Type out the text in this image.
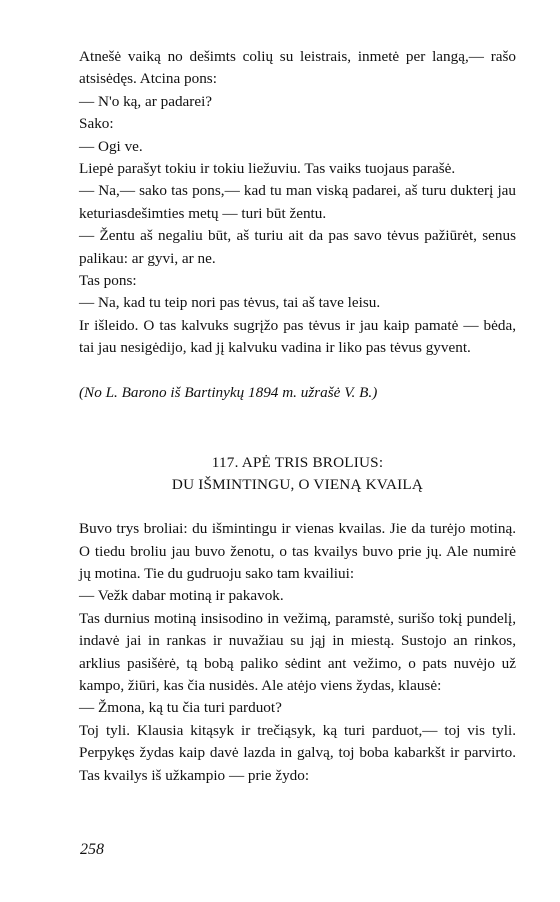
Atnešė vaiką no dešimts colių su leistrais, inmetė per langą,— rašo atsisėdęs. Atcina pons:

— N'o ką, ar padarei?

Sako:

— Ogi ve.

Liepė parašyt tokiu ir tokiu liežuviu. Tas vaiks tuojaus parašė.

— Na,— sako tas pons,— kad tu man viską padarei, aš turu dukterį jau keturiasdešimties metų — turi būt žentu.

— Žentu aš negaliu būt, aš turiu ait da pas savo tėvus pažiūrėt, senus palikau: ar gyvi, ar ne.

Tas pons:

— Na, kad tu teip nori pas tėvus, tai aš tave leisu.

Ir išleido. O tas kalvuks sugrįžo pas tėvus ir jau kaip pamatė — bėda, tai jau nesigėdijo, kad jį kalvuku vadina ir liko pas tėvus gyvent.

(No L. Barono iš Bartinykų 1894 m. užrašė V. B.)

117. APĖ TRIS BROLIUS:
DU IŠMINTINGU, O VIENĄ KVAILĄ

Buvo trys broliai: du išmintingu ir vienas kvailas. Jie da turėjo motiną. O tiedu broliu jau buvo ženotu, o tas kvailys buvo prie jų. Ale numirė jų motina. Tie du gudruoju sako tam kvailiui:

— Vežk dabar motiną ir pakavok.

Tas durnius motiną insisodino in vežimą, paramstė, surišo tokį pundelį, indavė jai in rankas ir nuvažiau su jąj in miestą. Sustojo an rinkos, arklius pasišėrė, tą bobą paliko sėdint ant vežimo, o pats nuvėjo už kampo, žiūri, kas čia nusidės. Ale atėjo viens žydas, klausė:

— Žmona, ką tu čia turi parduot?

Toj tyli. Klausia kitąsyk ir trečiąsyk, ką turi parduot,— toj vis tyli. Perpykęs žydas kaip davė lazda in galvą, toj boba kabarkšt ir parvirto. Tas kvailys iš užkampio — prie žydo:

258
